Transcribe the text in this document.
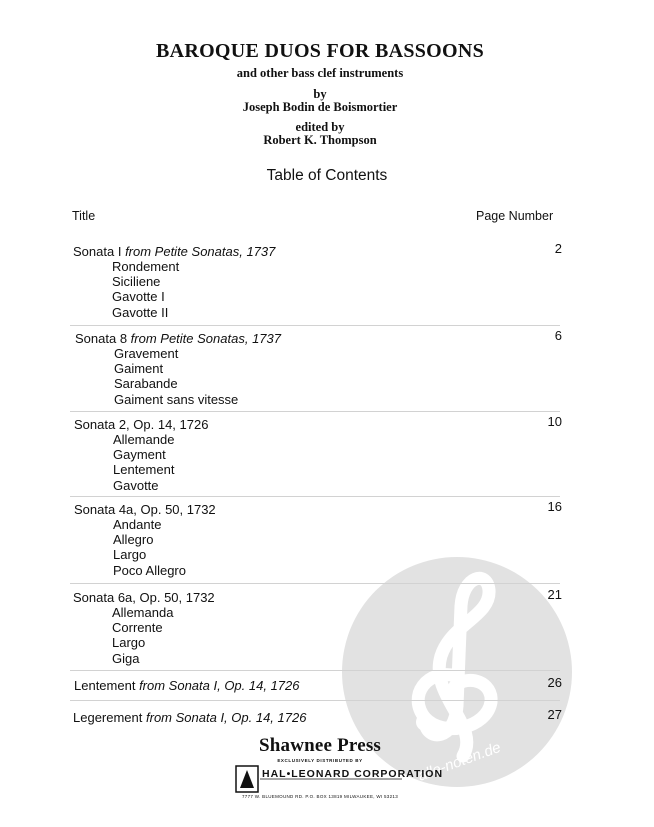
BAROQUE DUOS FOR BASSOONS
and other bass clef instruments
by
Joseph Bodin de Boismortier
edited by
Robert K. Thompson
Table of Contents
Title	Page Number
alle-noten.de
Sonata I from Petite Sonatas, 1737	2
Rondement
Siciliene
Gavotte I
Gavotte II
Sonata 8 from Petite Sonatas, 1737	6
Gravement
Gaiment
Sarabande
Gaiment sans vitesse
Sonata 2, Op. 14, 1726	10
Allemande
Gayment
Lentement
Gavotte
Sonata 4a, Op. 50, 1732	16
Andante
Allegro
Largo
Poco Allegro
Sonata 6a, Op. 50, 1732	21
Allemanda
Corrente
Largo
Giga
Lentement from Sonata I, Op. 14, 1726	26
Legerement from Sonata I, Op. 14, 1726	27
Shawnee Press
EXCLUSIVELY DISTRIBUTED BY
HAL•LEONARD CORPORATION
7777 W. BLUEMOUND RD. P.O. BOX 13819 MILWAUKEE, WI 53213
